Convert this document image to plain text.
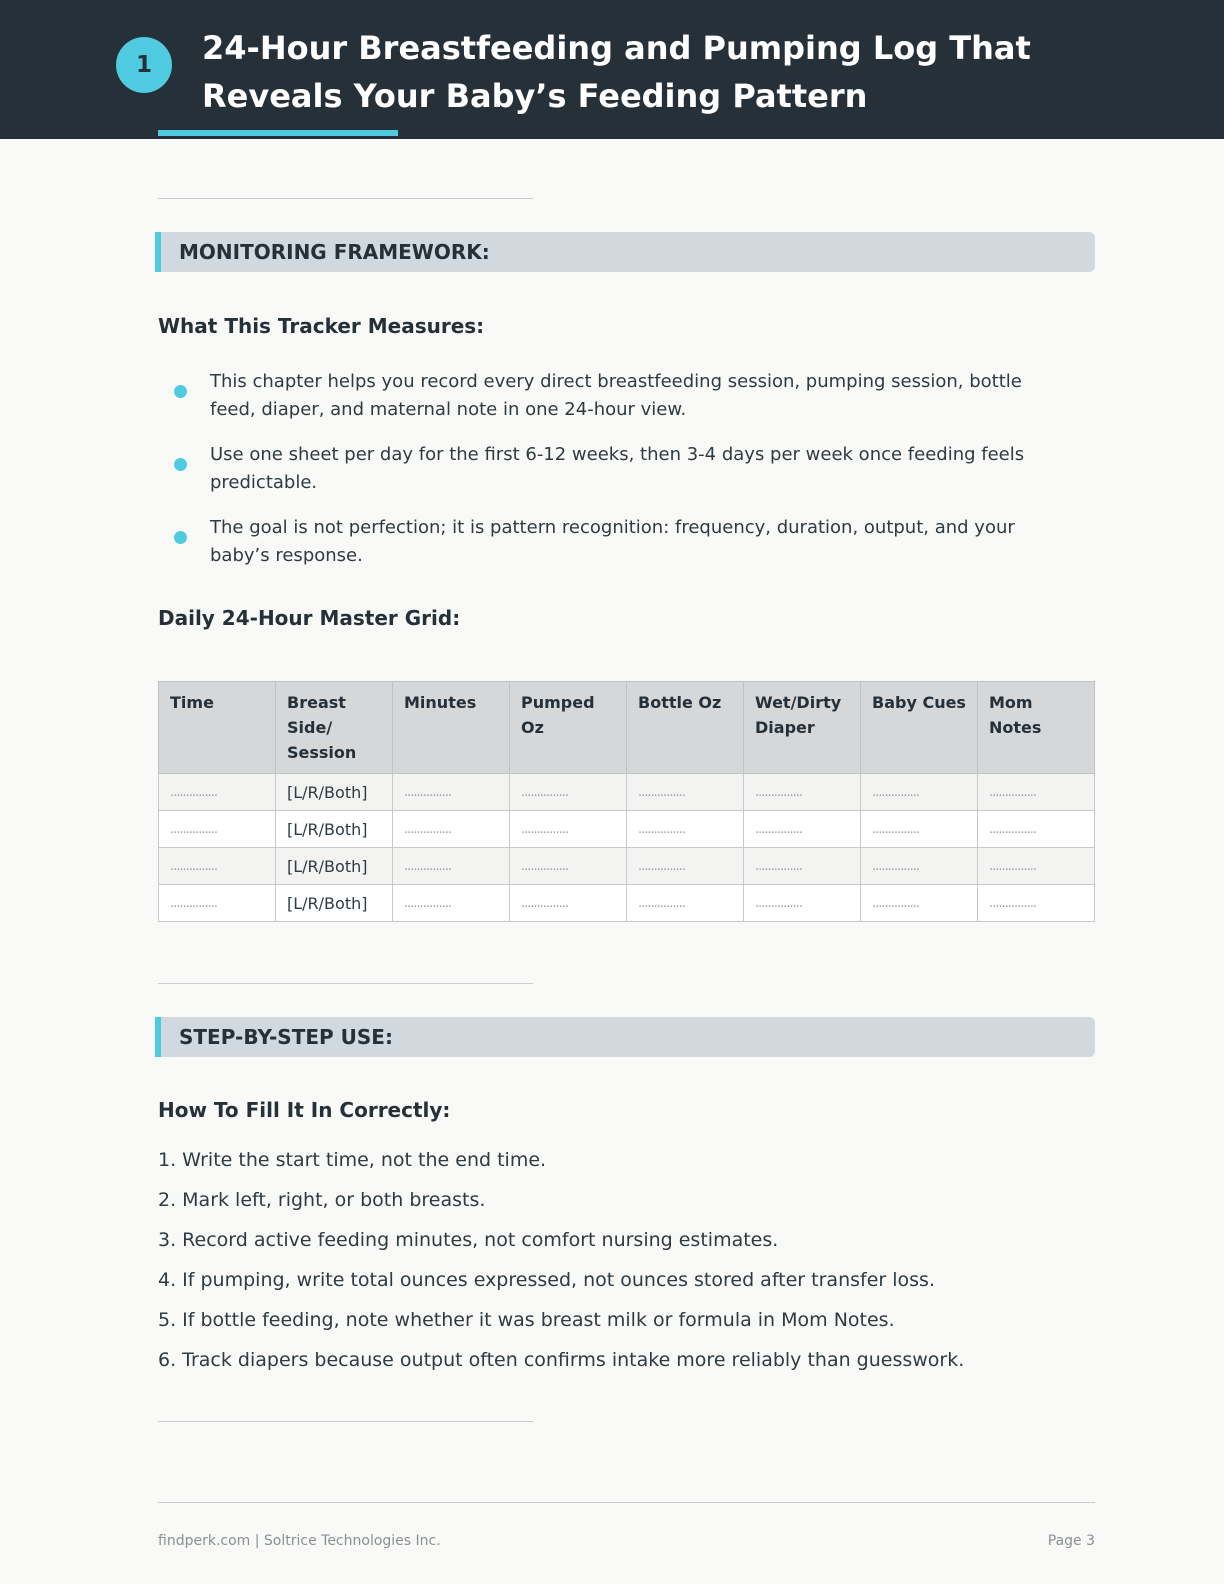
1	24-Hour Breastfeeding and Pumping Log That Reveals Your Baby’s Feeding Pattern
MONITORING FRAMEWORK:
What This Tracker Measures:
This chapter helps you record every direct breastfeeding session, pumping session, bottle feed, diaper, and maternal note in one 24-hour view.
Use one sheet per day for the first 6-12 weeks, then 3-4 days per week once feeding feels predictable.
The goal is not perfection; it is pattern recognition: frequency, duration, output, and your baby’s response.
Daily 24-Hour Master Grid:
Time	Breast Side/ Session	Minutes	Pumped Oz	Bottle Oz	Wet/Dirty Diaper	Baby Cues	Mom Notes
...............	[L/R/Both]	...............	...............	...............	...............	...............	...............
...............	[L/R/Both]	...............	...............	...............	...............	...............	...............
...............	[L/R/Both]	...............	...............	...............	...............	...............	...............
...............	[L/R/Both]	...............	...............	...............	...............	...............	...............
STEP-BY-STEP USE:
How To Fill It In Correctly:
1. Write the start time, not the end time.
2. Mark left, right, or both breasts.
3. Record active feeding minutes, not comfort nursing estimates.
4. If pumping, write total ounces expressed, not ounces stored after transfer loss.
5. If bottle feeding, note whether it was breast milk or formula in Mom Notes.
6. Track diapers because output often confirms intake more reliably than guesswork.
findperk.com | Soltrice Technologies Inc.	Page 3
